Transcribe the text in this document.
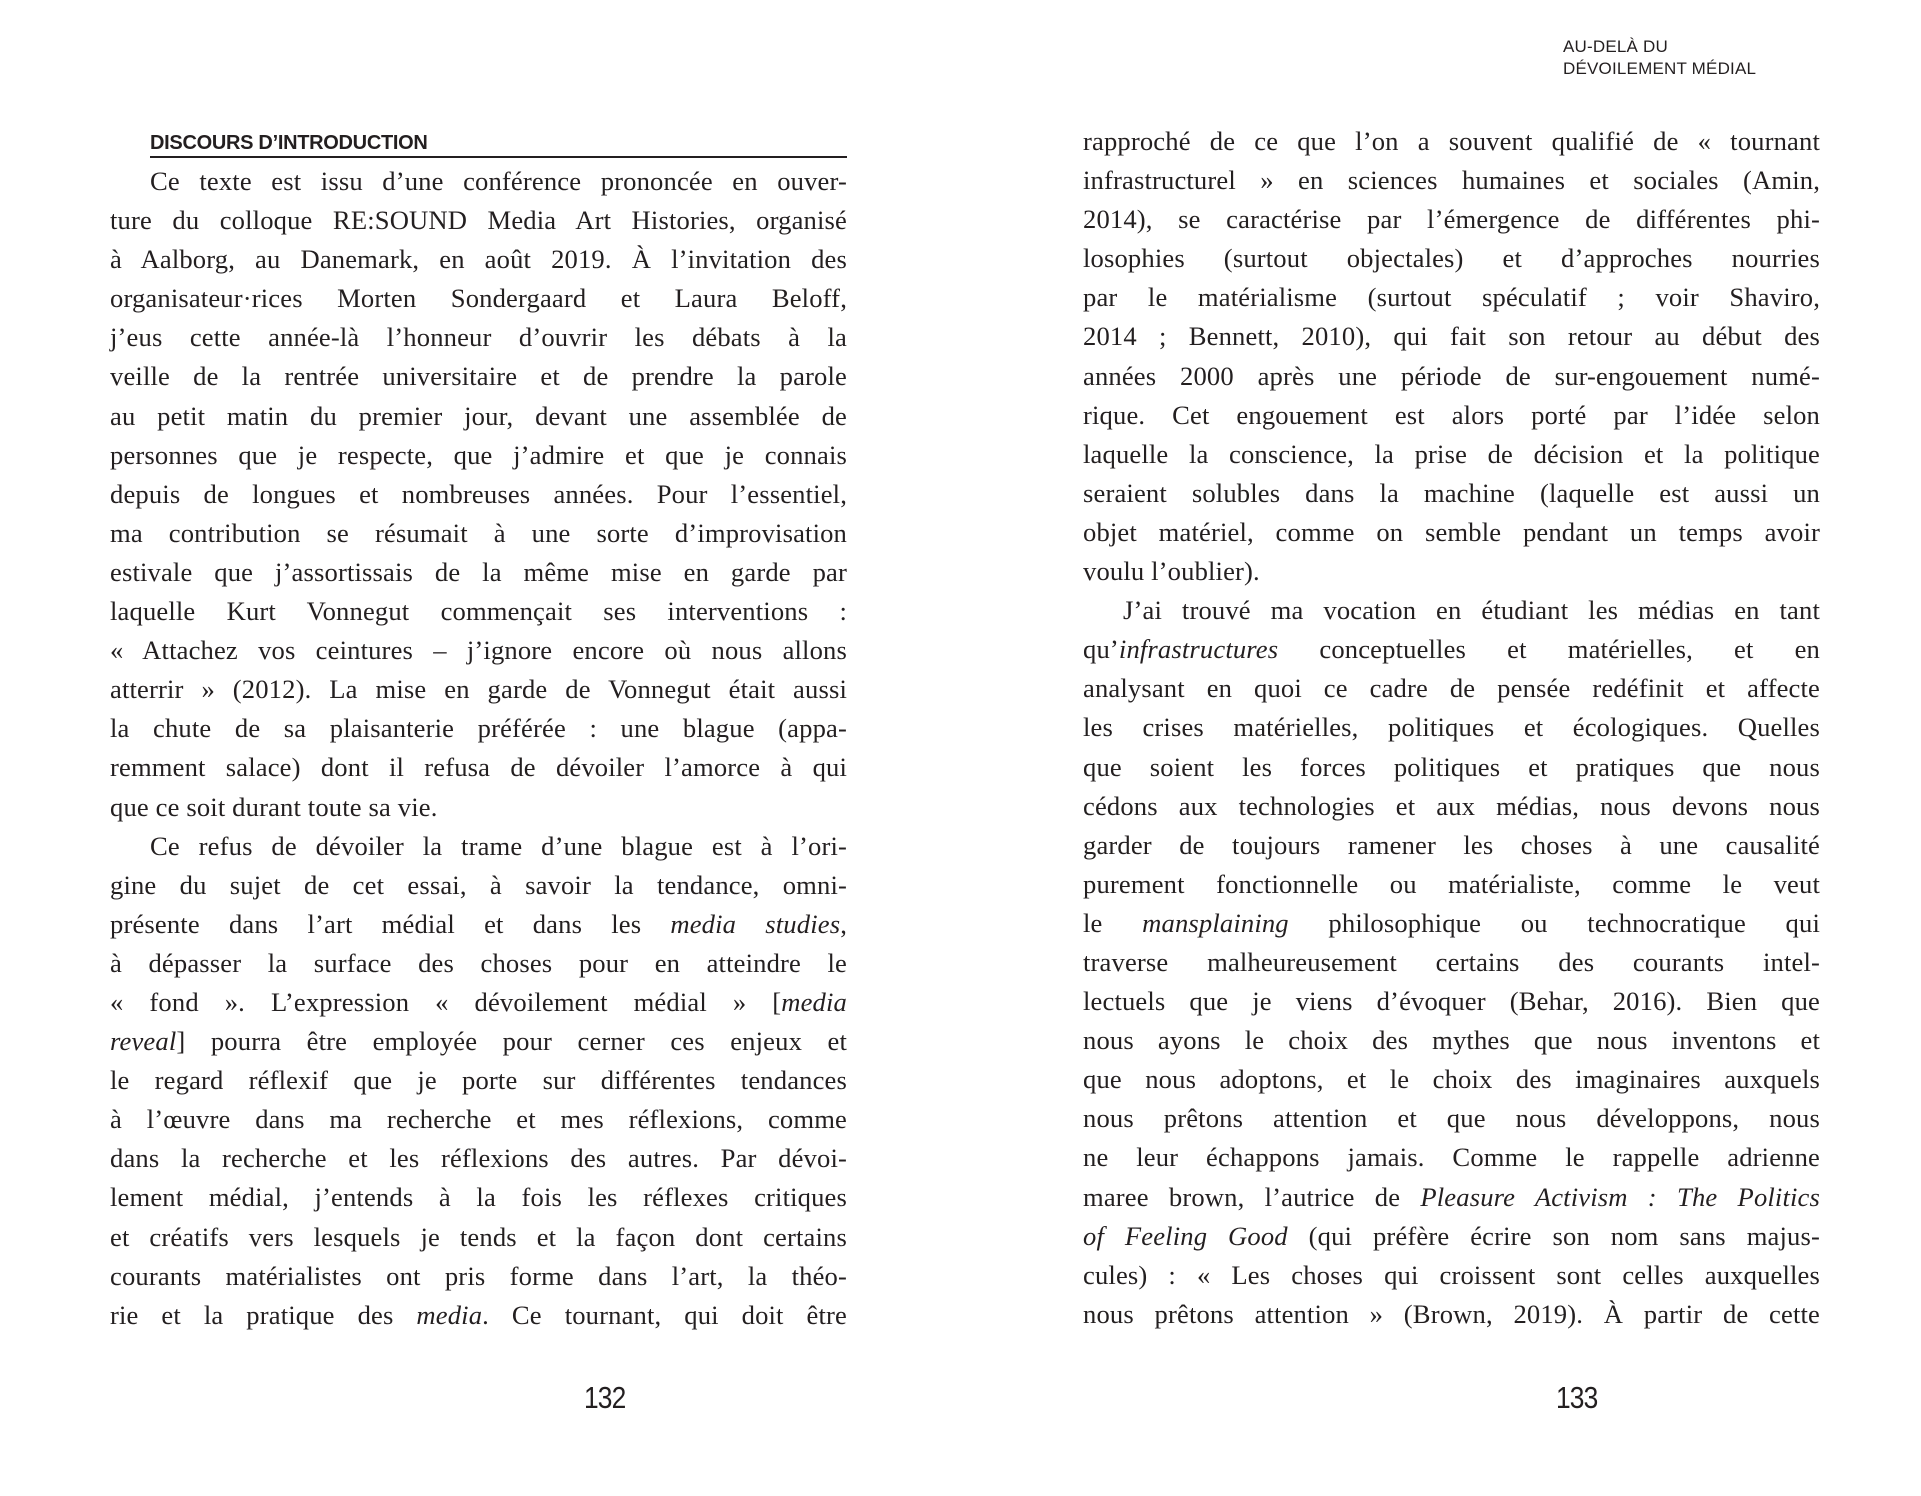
AU-DELÀ DU
DÉVOILEMENT MÉDIAL
DISCOURS D’INTRODUCTION
Ce texte est issu d’une conférence prononcée en ouver-
ture du colloque RE:SOUND Media Art Histories, organisé
à Aalborg, au Danemark, en août 2019. À l’invitation des
organisateur·rices Morten Sondergaard et Laura Beloff,
j’eus cette année-là l’honneur d’ouvrir les débats à la
veille de la rentrée universitaire et de prendre la parole
au petit matin du premier jour, devant une assemblée de
personnes que je respecte, que j’admire et que je connais
depuis de longues et nombreuses années. Pour l’essentiel,
ma contribution se résumait à une sorte d’improvisation
estivale que j’assortissais de la même mise en garde par
laquelle Kurt Vonnegut commençait ses interventions :
« Attachez vos ceintures – j’ignore encore où nous allons
atterrir » (2012). La mise en garde de Vonnegut était aussi
la chute de sa plaisanterie préférée : une blague (appa-
remment salace) dont il refusa de dévoiler l’amorce à qui
que ce soit durant toute sa vie.
Ce refus de dévoiler la trame d’une blague est à l’ori-
gine du sujet de cet essai, à savoir la tendance, omni-
présente dans l’art médial et dans les media studies,
à dépasser la surface des choses pour en atteindre le
« fond ». L’expression « dévoilement médial » [media
reveal] pourra être employée pour cerner ces enjeux et
le regard réflexif que je porte sur différentes tendances
à l’œuvre dans ma recherche et mes réflexions, comme
dans la recherche et les réflexions des autres. Par dévoi-
lement médial, j’entends à la fois les réflexes critiques
et créatifs vers lesquels je tends et la façon dont certains
courants matérialistes ont pris forme dans l’art, la théo-
rie et la pratique des media. Ce tournant, qui doit être
rapproché de ce que l’on a souvent qualifié de « tournant
infrastructurel » en sciences humaines et sociales (Amin,
2014), se caractérise par l’émergence de différentes phi-
losophies (surtout objectales) et d’approches nourries
par le matérialisme (surtout spéculatif ; voir Shaviro,
2014 ; Bennett, 2010), qui fait son retour au début des
années 2000 après une période de sur-engouement numé-
rique. Cet engouement est alors porté par l’idée selon
laquelle la conscience, la prise de décision et la politique
seraient solubles dans la machine (laquelle est aussi un
objet matériel, comme on semble pendant un temps avoir
voulu l’oublier).
J’ai trouvé ma vocation en étudiant les médias en tant
qu’infrastructures conceptuelles et matérielles, et en
analysant en quoi ce cadre de pensée redéfinit et affecte
les crises matérielles, politiques et écologiques. Quelles
que soient les forces politiques et pratiques que nous
cédons aux technologies et aux médias, nous devons nous
garder de toujours ramener les choses à une causalité
purement fonctionnelle ou matérialiste, comme le veut
le mansplaining philosophique ou technocratique qui
traverse malheureusement certains des courants intel-
lectuels que je viens d’évoquer (Behar, 2016). Bien que
nous ayons le choix des mythes que nous inventons et
que nous adoptons, et le choix des imaginaires auxquels
nous prêtons attention et que nous développons, nous
ne leur échappons jamais. Comme le rappelle adrienne
maree brown, l’autrice de Pleasure Activism : The Politics
of Feeling Good (qui préfère écrire son nom sans majus-
cules) : « Les choses qui croissent sont celles auxquelles
nous prêtons attention » (Brown, 2019). À partir de cette
132	133
